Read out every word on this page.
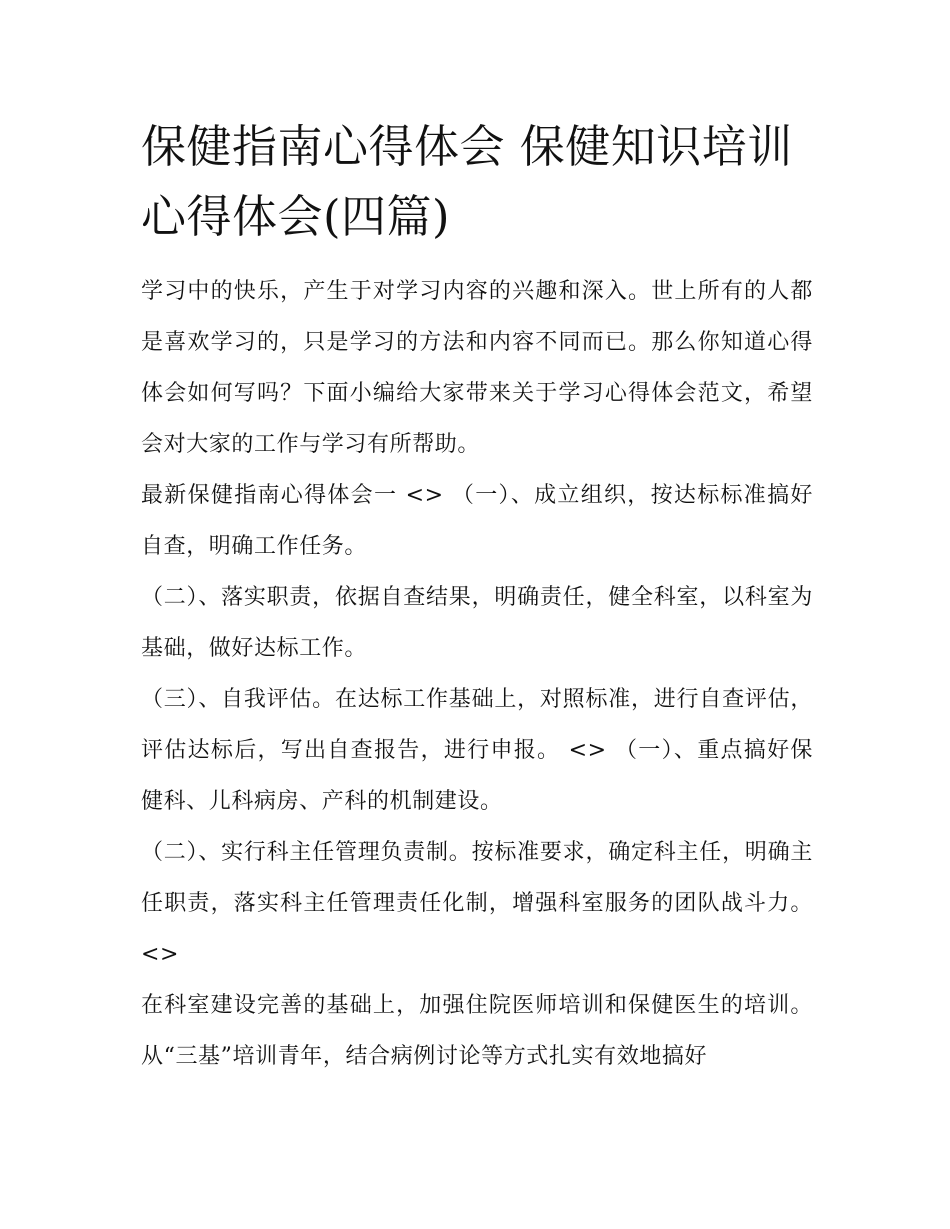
保健指南心得体会 保健知识培训心得体会(四篇)

学习中的快乐，产生于对学习内容的兴趣和深入。世上所有的人都是喜欢学习的，只是学习的方法和内容不同而已。那么你知道心得体会如何写吗？下面小编给大家带来关于学习心得体会范文，希望会对大家的工作与学习有所帮助。

最新保健指南心得体会一 <> （一）、成立组织，按达标标准搞好自查，明确工作任务。

（二）、落实职责，依据自查结果，明确责任，健全科室，以科室为基础，做好达标工作。

（三）、自我评估。在达标工作基础上，对照标准，进行自查评估，评估达标后，写出自查报告，进行申报。 <> （一）、重点搞好保健科、儿科病房、产科的机制建设。

（二）、实行科主任管理负责制。按标准要求，确定科主任，明确主任职责，落实科主任管理责任化制，增强科室服务的团队战斗力。 <>

在科室建设完善的基础上，加强住院医师培训和保健医生的培训。从“三基”培训青年，结合病例讨论等方式扎实有效地搞好
